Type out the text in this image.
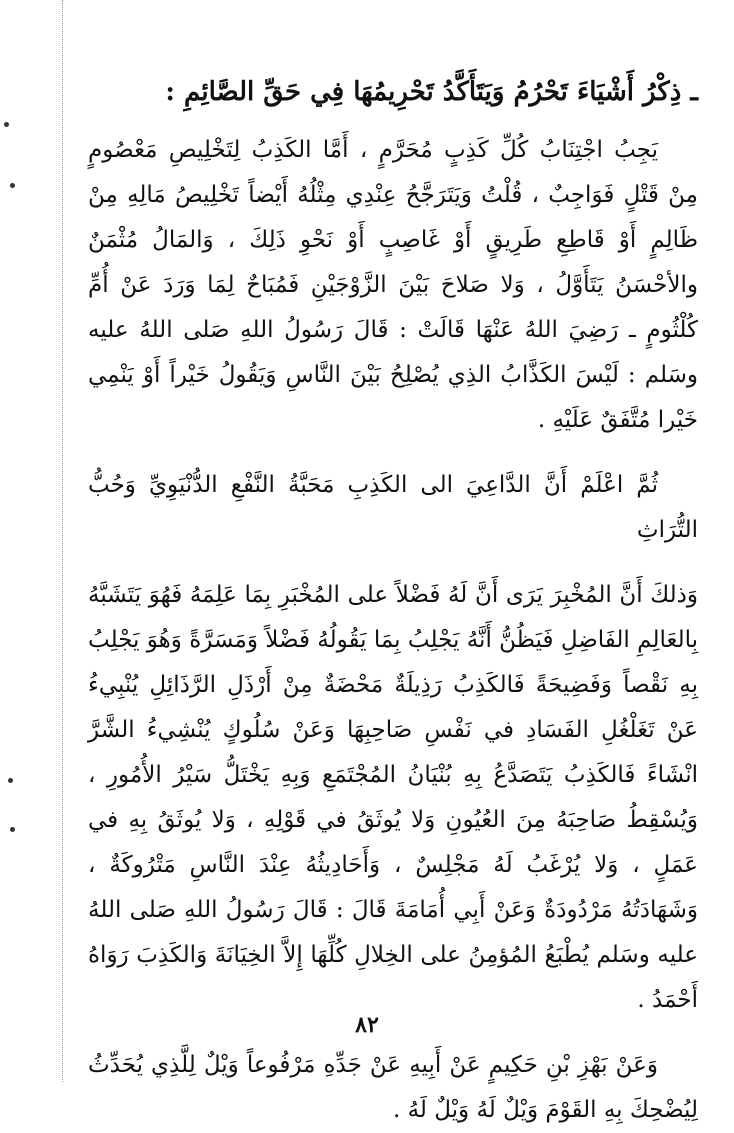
ـ ذِكْرُ أَشْيَاءَ تَحْرُمُ وَيَتَأَكَّدُ تَحْرِيمُهَا فِي حَقِّ الصَّائِمِ :

يَجِبُ اجْتِنَابُ كُلِّ كَذِبٍ مُحَرَّمٍ ، أَمَّا الكَذِبُ لِتَخْلِيصِ مَعْصُومٍ مِنْ قَتْلٍ فَوَاجِبٌ ، قُلْتُ وَيَتَرَجَّحُ عِنْدِي مِثْلُهُ أَيْضاً تَخْلِيصُ مَالِهِ مِنْ ظَالِمٍ أَوْ قَاطِعِ طَرِيقٍ أَوْ غَاصِبٍ أَوْ نَحْوِ ذَلِكَ ، وَالمَالُ مُثْمَنٌ والأحْسَنُ يَتَأَوَّلُ ، وَلا صَلاحَ بَيْنَ الزَّوْجَيْنِ فَمُبَاحٌ لِمَا وَرَدَ عَنْ أُمِّ كُلْثُومٍ ـ رَضِيَ اللهُ عَنْهَا قَالَتْ : قَالَ رَسُولُ اللهِ صَلى اللهُ عليه وسَلم : لَيْسَ الكَذَّابُ الذِي يُصْلِحُ بَيْنَ النَّاسِ وَيَقُولُ خَيْراً أَوْ يَنْمِي خَيْرا مُتَّفَقٌ عَلَيْهِ .

ثُمَّ اعْلَمْ أَنَّ الدَّاعِيَ الى الكَذِبِ مَحَبَّةُ النَّفْعِ الدُّنْيَوِيِّ وَحُبُّ التُّرَاثِ

وَذلكَ أَنَّ المُخْبِرَ يَرَى أَنَّ لَهُ فَضْلاً على المُخْبَرِ بِمَا عَلِمَهُ فَهُوَ يَتَشَبَّهُ بِالعَالِمِ الفَاضِلِ فَيَظُنُّ أَنَّهُ يَجْلِبُ بِمَا يَقُولُهُ فَضْلاً وَمَسَرَّةً وَهُوَ يَجْلِبُ بِهِ نَقْصاً وَفَضِيحَةً فَالكَذِبُ رَذِيلَةٌ مَحْضَةٌ مِنْ أَرْذَلِ الرَّذَائِلِ يُنْبِيءُ عَنْ تَغَلْغُلِ الفَسَادِ في نَفْسِ صَاحِبِهَا وَعَنْ سُلُوكٍ يُنْشِيءُ الشَّرَّ انْشَاءً فَالكَذِبُ يَتَصَدَّعُ بِهِ بُنْيَانُ المُجْتَمَعِ وَبِهِ يَخْتَلُّ سَيْرُ الأُمُورِ ، وَيُسْقِطُ صَاحِبَهُ مِنَ العُيُونِ وَلا يُوثَقُ في قَوْلِهِ ، وَلا يُوثَقُ بِهِ في عَمَلٍ ، وَلا يُرْغَبُ لَهُ مَجْلِسٌ ، وَأَحَادِيثُهُ عِنْدَ النَّاسِ مَتْرُوكَةٌ ، وَشَهَادَتُهُ مَرْدُودَةٌ وَعَنْ أَبِي أُمَامَةَ قَالَ : قَالَ رَسُولُ اللهِ صَلى اللهُ عليه وسَلم يُطْبَعُ المُؤمِنُ على الخِلالِ كُلِّهَا إِلاَّ الخِيَانَةَ وَالكَذِبَ رَوَاهُ أَحْمَدُ .

وَعَنْ بَهْزِ بْنِ حَكِيمٍ عَنْ أَبِيهِ عَنْ جَدِّهِ مَرْفُوعاً وَيْلٌ لِلَّذِي يُحَدِّثُ لِيُضْحِكَ بِهِ القَوْمَ وَيْلٌ لَهُ وَيْلٌ لَهُ .

٨٢
